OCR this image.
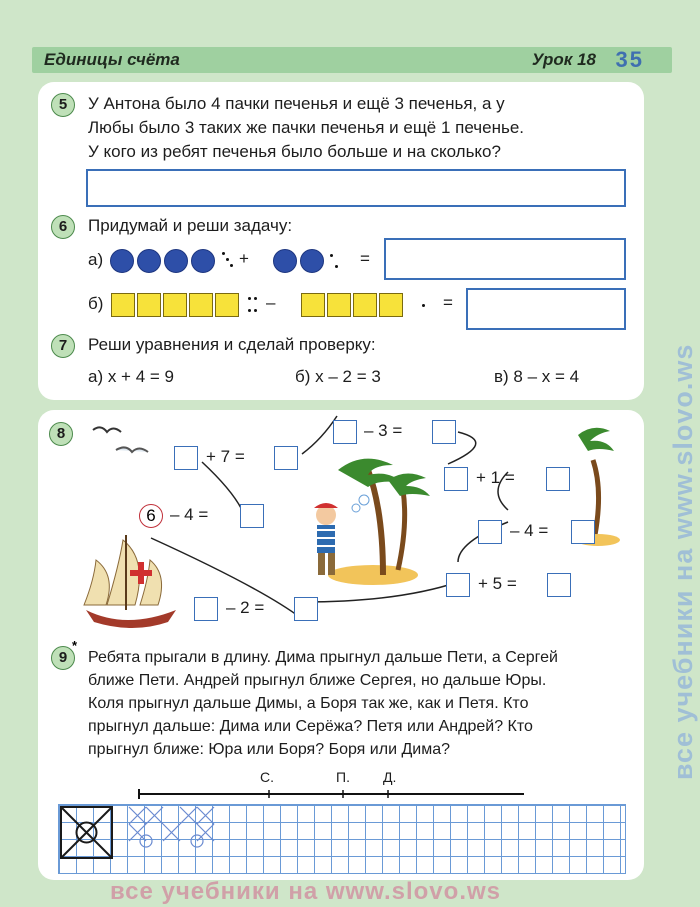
Единицы счёта	Урок 18 35
5	У Антона было 4 пачки печенья и ещё 3 печенья, а у
Любы было 3 таких же пачки печенья и ещё 1 печенье.
У кого из ребят печенья было больше и на сколько?
6	Придумай и реши задачу:
а)	+	=
б)	–	=
7	Реши уравнения и сделай проверку:
а) x + 4 = 9	б) x – 2 = 3	в) 8 – x = 4
8
6 – 4 =
+ 7 =
– 3 =
+ 1 =
– 4 =
+ 5 =
– 2 =
9
*
Ребята прыгали в длину. Дима прыгнул дальше Пети, а Сергей
ближе Пети. Андрей прыгнул ближе Сергея, но дальше Юры.
Коля прыгнул дальше Димы, а Боря так же, как и Петя. Кто
прыгнул дальше: Дима или Серёжа? Петя или Андрей? Кто
прыгнул ближе: Юра или Боря? Боря или Дима?
С.	П. Д.	все учебники на www.slovo.ws
все учебники на www.slovo.ws
